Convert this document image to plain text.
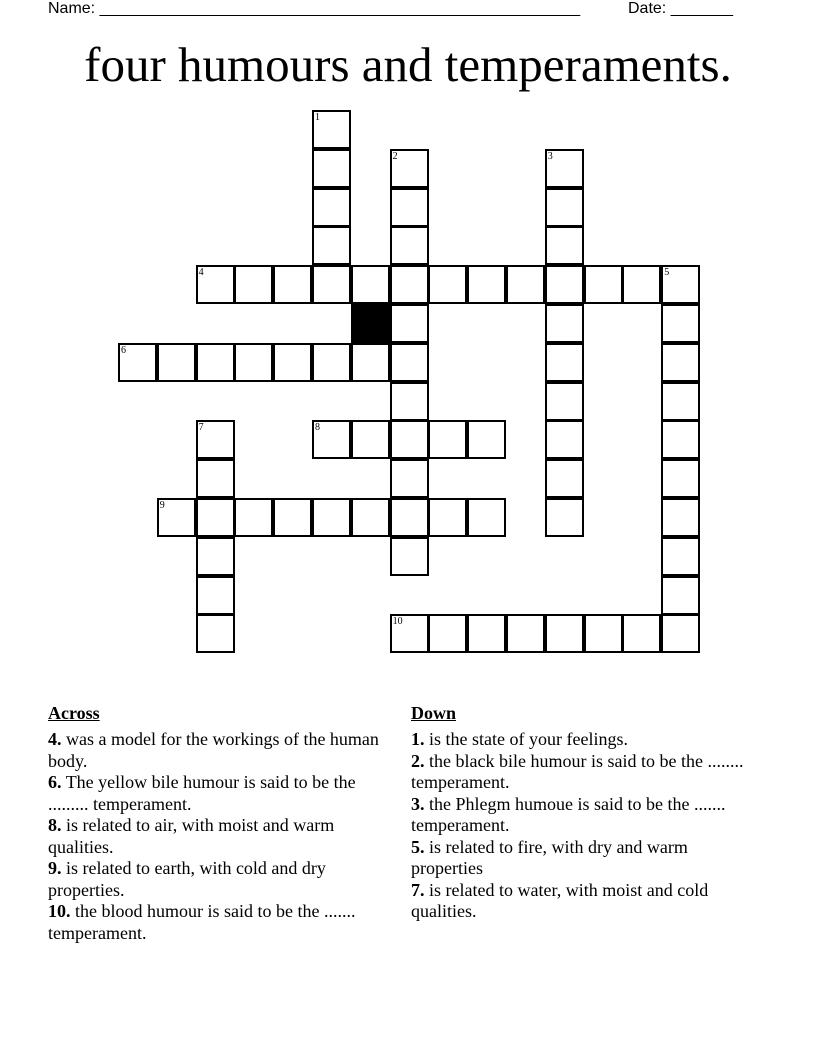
Name: ______________________________________________________	Date: _______
four humours and temperaments.
1
2	3
4	5
6
7	8
9
10
Across

4. was a model for the workings of the human body.

6. The yellow bile humour is said to be the ......... temperament.

8. is related to air, with moist and warm qualities.

9. is related to earth, with cold and dry properties.

10. the blood humour is said to be the ....... temperament.

Down

1. is the state of your feelings.

2. the black bile humour is said to be the ........ temperament.

3. the Phlegm humoue is said to be the ....... temperament.

5. is related to fire, with dry and warm properties

7. is related to water, with moist and cold qualities.
